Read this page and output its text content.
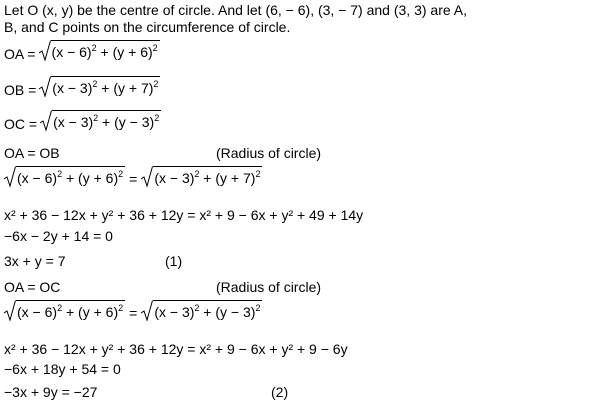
Let O (x, y) be the centre of circle. And let (6, − 6), (3, − 7) and (3, 3) are A,
B, and C points on the circumference of circle.
OA = $(x - 6)^2 + (y + 6)^2$
OB = $(x - 3)^2 + (y + 7)^2$
OC = $(x - 3)^2 + (y - 3)^2$
OA = OB	(Radius of circle)
$(x - 6)^2 + (y + 6)^2 = (x - 3)^2 + (y + 7)^2$
x² + 36 − 12x + y² + 36 + 12y = x² + 9 − 6x + y² + 49 + 14y
−6x − 2y + 14 = 0
3x + y = 7	(1)
OA = OC	(Radius of circle)
$(x - 6)^2 + (y + 6)^2 = (x - 3)^2 + (y - 3)^2$
x² + 36 − 12x + y² + 36 + 12y = x² + 9 − 6x + y² + 9 − 6y
−6x + 18y + 54 = 0
−3x + 9y = −27	(2)
